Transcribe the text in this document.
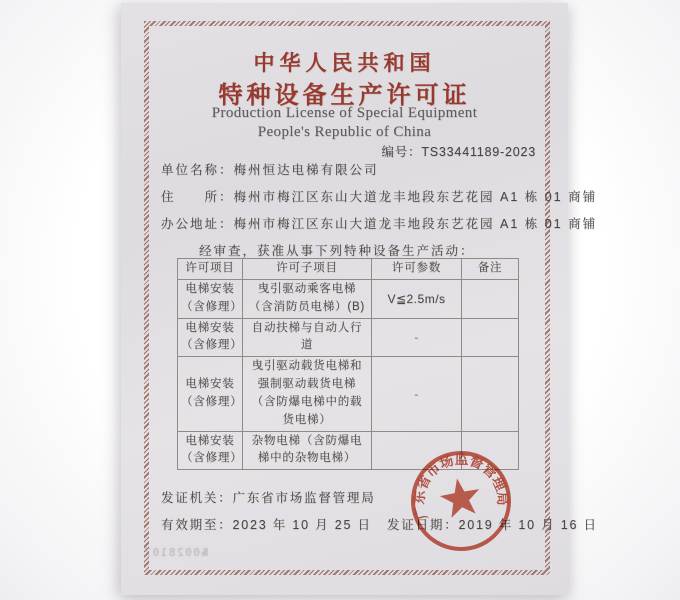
中华人民共和国
特种设备生产许可证
Production License of Special Equipment
People's Republic of China
编号：TS33441189-2023
单位名称：梅州恒达电梯有限公司
住　　所：梅州市梅江区东山大道龙丰地段东艺花园 A1 栋 01 商铺
办公地址：梅州市梅江区东山大道龙丰地段东艺花园 A1 栋 01 商铺
经审查，获准从事下列特种设备生产活动：
许可项目	许可子项目	许可参数	备注
电梯安装（含修理）	曳引驱动乘客电梯（含消防员电梯）(B)	V≦2.5m/s	
电梯安装（含修理）	自动扶梯与自动人行道	-	
电梯安装（含修理）	曳引驱动载货电梯和强制驱动载货电梯（含防爆电梯中的载货电梯）	-	
电梯安装（含修理）	杂物电梯（含防爆电梯中的杂物电梯）		
发证机关：广东省市场监督管理局
有效期至：2023 年 10 月 25 日 发证日期：2019 年 10 月 16 日
广东省市场监督管理局
№0028107
